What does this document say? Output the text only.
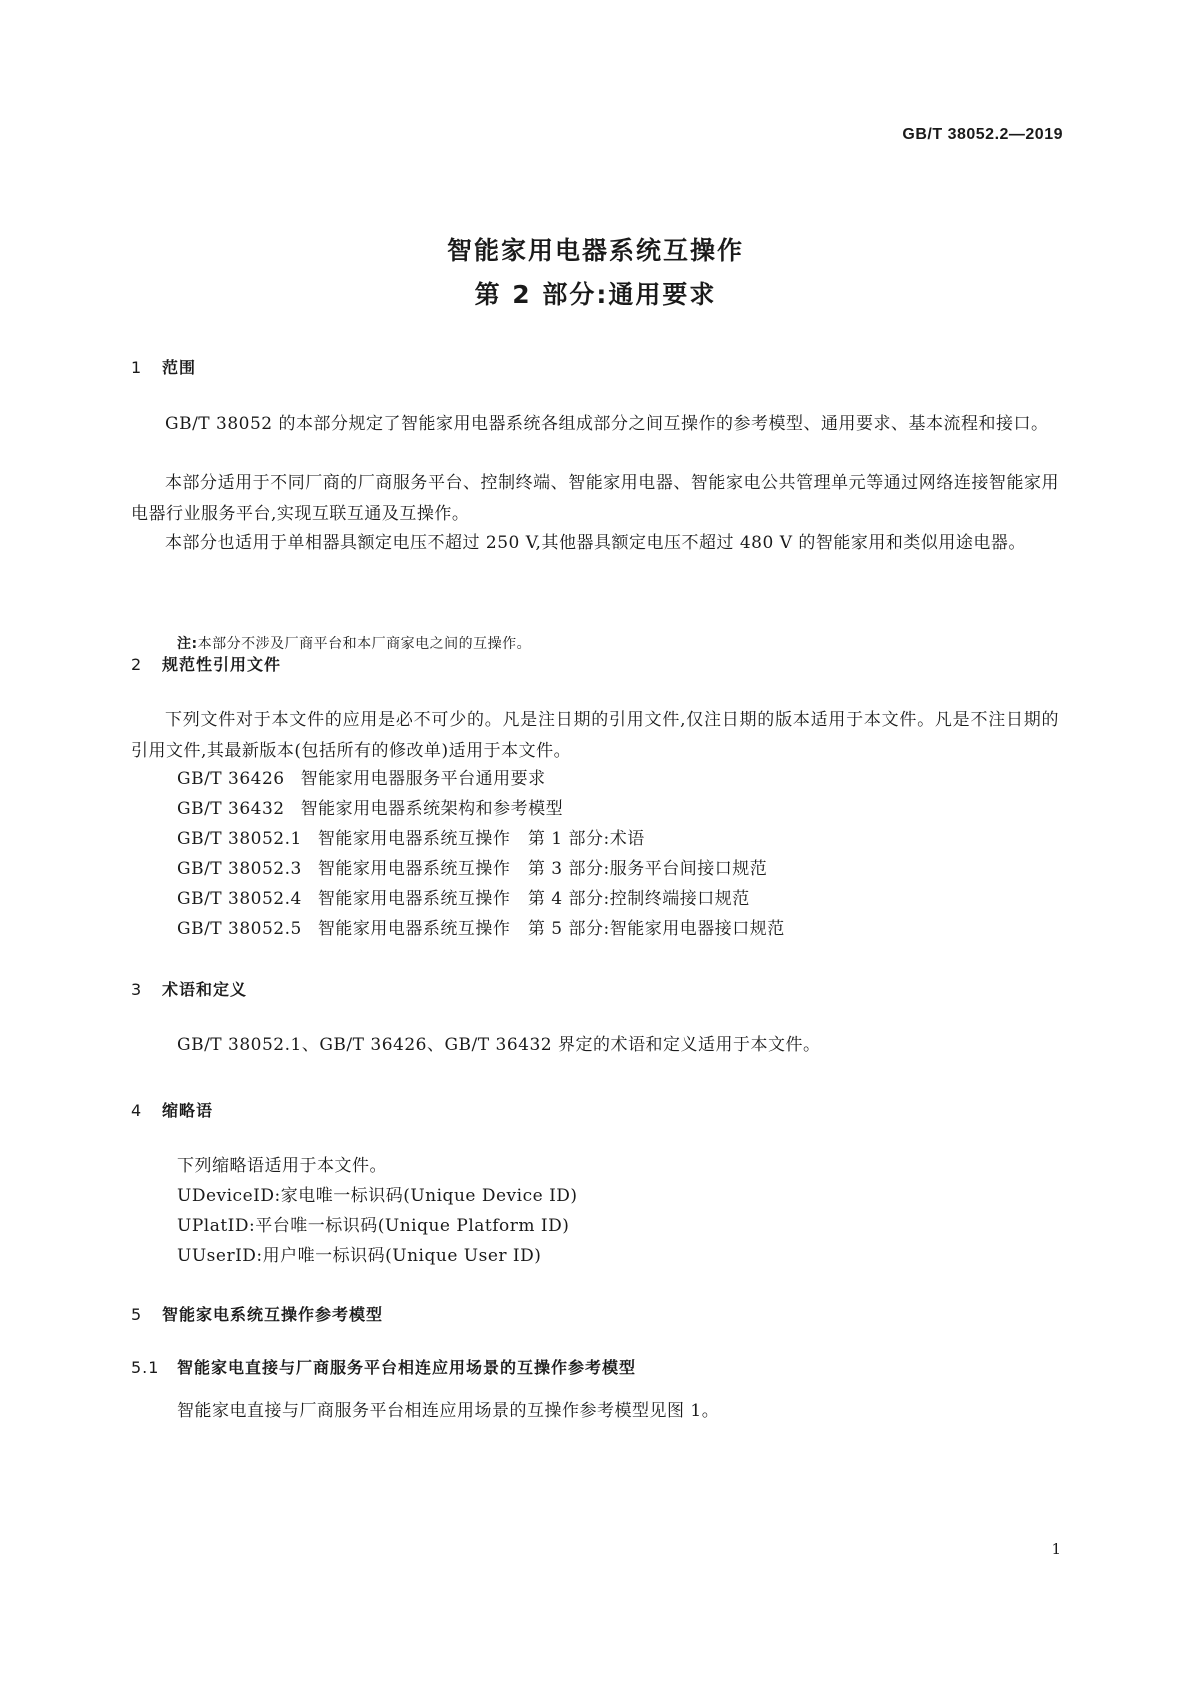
GB/T 38052.2—2019
智能家用电器系统互操作
第 2 部分:通用要求
1 范围
GB/T 38052 的本部分规定了智能家用电器系统各组成部分之间互操作的参考模型、通用要求、基本流程和接口。
本部分适用于不同厂商的厂商服务平台、控制终端、智能家用电器、智能家电公共管理单元等通过网络连接智能家用电器行业服务平台,实现互联互通及互操作。
本部分也适用于单相器具额定电压不超过 250 V,其他器具额定电压不超过 480 V 的智能家用和类似用途电器。
注:本部分不涉及厂商平台和本厂商家电之间的互操作。
2 规范性引用文件
下列文件对于本文件的应用是必不可少的。凡是注日期的引用文件,仅注日期的版本适用于本文件。凡是不注日期的引用文件,其最新版本(包括所有的修改单)适用于本文件。
GB/T 36426 智能家用电器服务平台通用要求
GB/T 36432 智能家用电器系统架构和参考模型
GB/T 38052.1 智能家用电器系统互操作　第 1 部分:术语
GB/T 38052.3 智能家用电器系统互操作　第 3 部分:服务平台间接口规范
GB/T 38052.4 智能家用电器系统互操作　第 4 部分:控制终端接口规范
GB/T 38052.5 智能家用电器系统互操作　第 5 部分:智能家用电器接口规范
3 术语和定义
GB/T 38052.1、GB/T 36426、GB/T 36432 界定的术语和定义适用于本文件。
4 缩略语
下列缩略语适用于本文件。
UDeviceID:家电唯一标识码(Unique Device ID)
UPlatID:平台唯一标识码(Unique Platform ID)
UUserID:用户唯一标识码(Unique User ID)
5 智能家电系统互操作参考模型
5.1 智能家电直接与厂商服务平台相连应用场景的互操作参考模型
智能家电直接与厂商服务平台相连应用场景的互操作参考模型见图 1。
1
